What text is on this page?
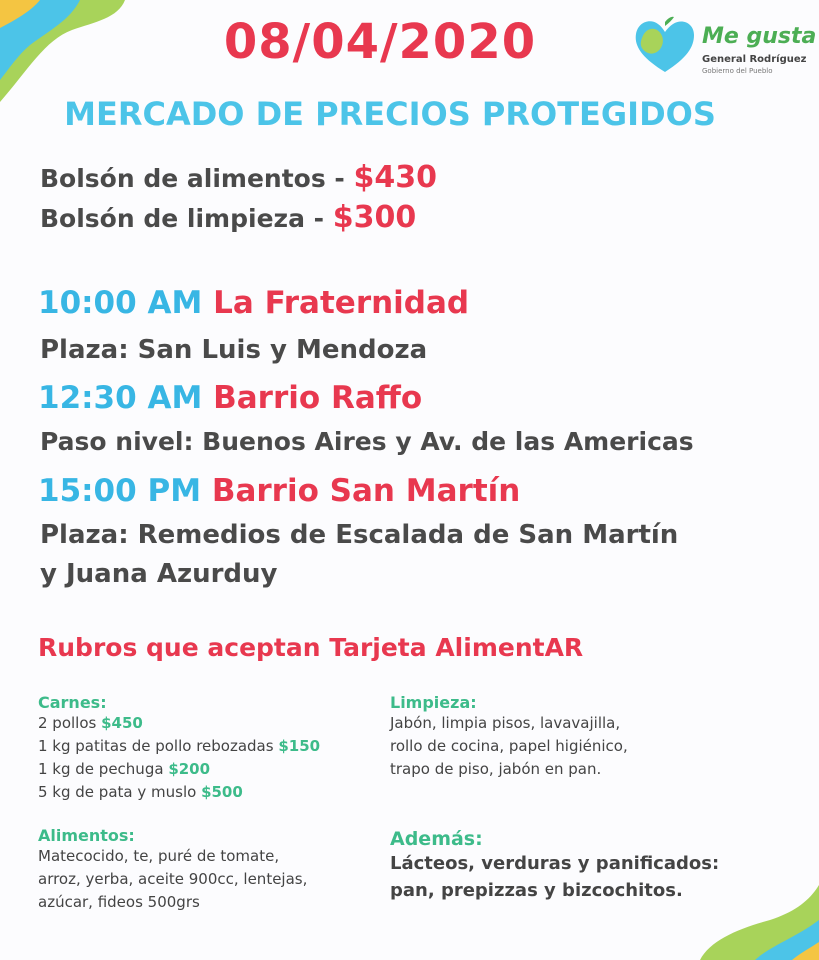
Me gusta
General Rodríguez
Gobierno del Pueblo
08/04/2020
MERCADO DE PRECIOS PROTEGIDOS
Bolsón de alimentos - $430
Bolsón de limpieza - $300
10:00 AM La Fraternidad
Plaza: San Luis y Mendoza
12:30 AM Barrio Raffo
Paso nivel: Buenos Aires y Av. de las Americas
15:00 PM Barrio San Martín
Plaza: Remedios de Escalada de San Martín
y Juana Azurduy
Rubros que aceptan Tarjeta AlimentAR
Carnes:
2 pollos $450
1 kg patitas de pollo rebozadas $150
1 kg de pechuga $200
5 kg de pata y muslo $500
Limpieza:
Jabón, limpia pisos, lavavajilla,
rollo de cocina, papel higiénico,
trapo de piso, jabón en pan.
Alimentos:
Matecocido, te, puré de tomate,
arroz, yerba, aceite 900cc, lentejas,
azúcar, fideos 500grs
Además:
Lácteos, verduras y panificados:
pan, prepizzas y bizcochitos.
